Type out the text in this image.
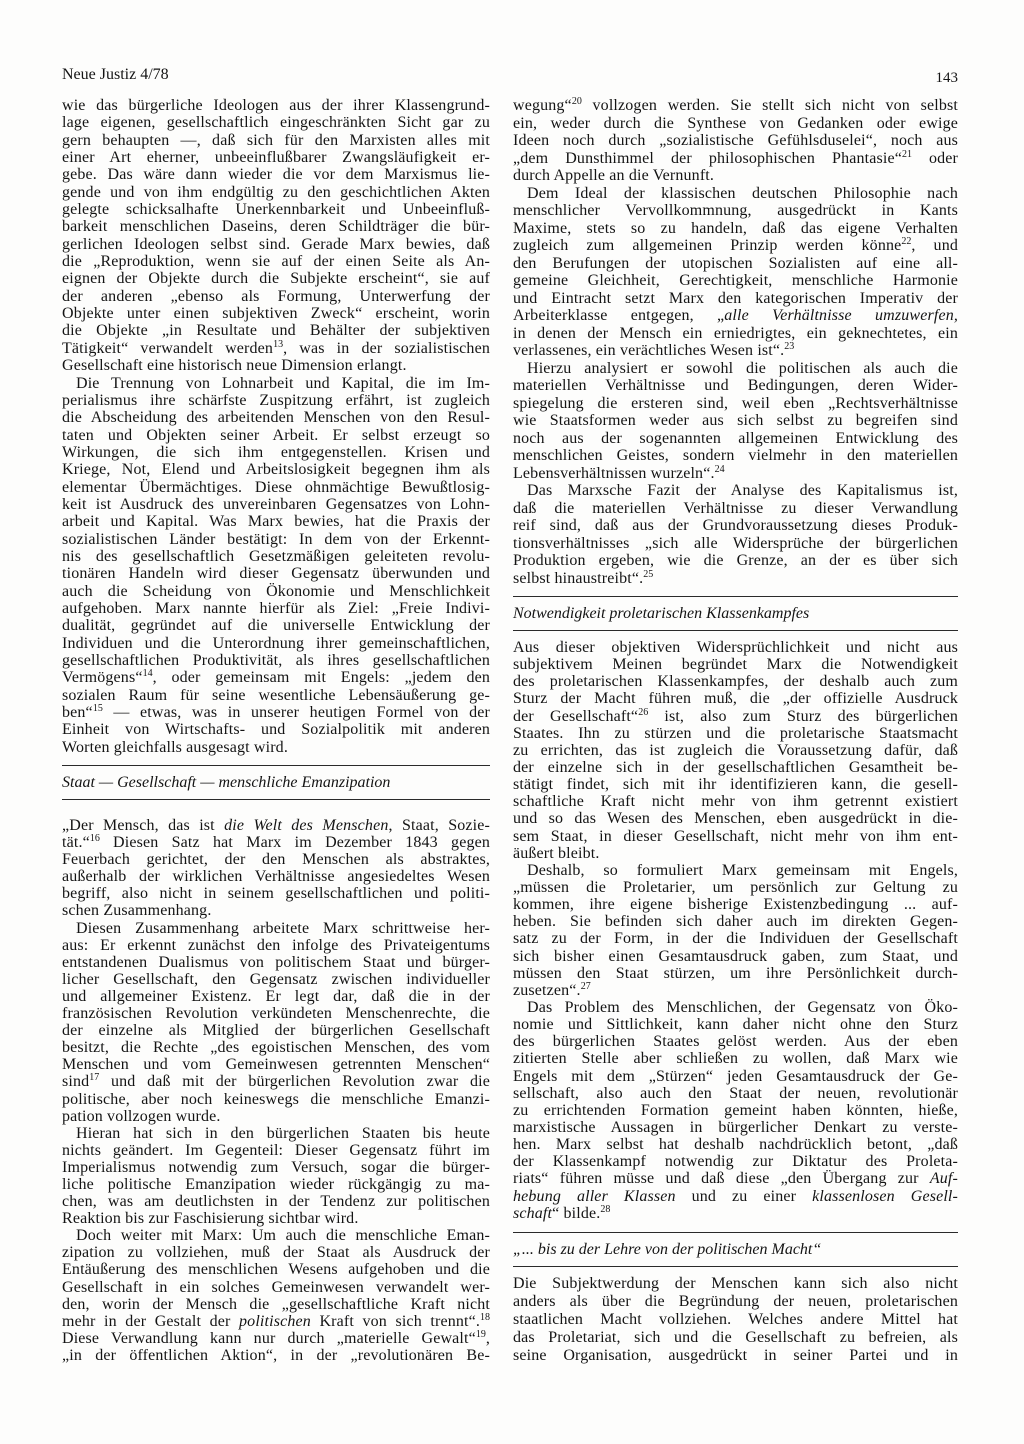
Neue Justiz 4/78	143
wie das bürgerliche Ideologen aus der ihrer Klassengrund-
lage eigenen, gesellschaftlich eingeschränkten Sicht gar zu
gern behaupten —, daß sich für den Marxisten alles mit
einer Art eherner, unbeeinflußbarer Zwangsläufigkeit er-
gebe. Das wäre dann wieder die vor dem Marxismus lie-
gende und von ihm endgültig zu den geschichtlichen Akten
gelegte schicksalhafte Unerkennbarkeit und Unbeeinfluß-
barkeit menschlichen Daseins, deren Schildträger die bür-
gerlichen Ideologen selbst sind. Gerade Marx bewies, daß
die „Reproduktion, wenn sie auf der einen Seite als An-
eignen der Objekte durch die Subjekte erscheint“, sie auf
der anderen „ebenso als Formung, Unterwerfung der
Objekte unter einen subjektiven Zweck“ erscheint, worin
die Objekte „in Resultate und Behälter der subjektiven
Tätigkeit“ verwandelt werden$^{13}$, was in der sozialistischen
Gesellschaft eine historisch neue Dimension erlangt.
Die Trennung von Lohnarbeit und Kapital, die im Im-
perialismus ihre schärfste Zuspitzung erfährt, ist zugleich
die Abscheidung des arbeitenden Menschen von den Resul-
taten und Objekten seiner Arbeit. Er selbst erzeugt so
Wirkungen, die sich ihm entgegenstellen. Krisen und
Kriege, Not, Elend und Arbeitslosigkeit begegnen ihm als
elementar Übermächtiges. Diese ohnmächtige Bewußtlosig-
keit ist Ausdruck des unvereinbaren Gegensatzes von Lohn-
arbeit und Kapital. Was Marx bewies, hat die Praxis der
sozialistischen Länder bestätigt: In dem von der Erkennt-
nis des gesellschaftlich Gesetzmäßigen geleiteten revolu-
tionären Handeln wird dieser Gegensatz überwunden und
auch die Scheidung von Ökonomie und Menschlichkeit
aufgehoben. Marx nannte hierfür als Ziel: „Freie Indivi-
dualität, gegründet auf die universelle Entwicklung der
Individuen und die Unterordnung ihrer gemeinschaftlichen,
gesellschaftlichen Produktivität, als ihres gesellschaftlichen
Vermögens“$^{14}$, oder gemeinsam mit Engels: „jedem den
sozialen Raum für seine wesentliche Lebensäußerung ge-
ben“$^{15}$ — etwas, was in unserer heutigen Formel von der
Einheit von Wirtschafts- und Sozialpolitik mit anderen
Worten gleichfalls ausgesagt wird.
Staat — Gesellschaft — menschliche Emanzipation
„Der Mensch, das ist die Welt des Menschen, Staat, Sozie-
tät.“$^{16}$ Diesen Satz hat Marx im Dezember 1843 gegen
Feuerbach gerichtet, der den Menschen als abstraktes,
außerhalb der wirklichen Verhältnisse angesiedeltes Wesen
begriff, also nicht in seinem gesellschaftlichen und politi-
schen Zusammenhang.
Diesen Zusammenhang arbeitete Marx schrittweise her-
aus: Er erkennt zunächst den infolge des Privateigentums
entstandenen Dualismus von politischem Staat und bürger-
licher Gesellschaft, den Gegensatz zwischen individueller
und allgemeiner Existenz. Er legt dar, daß die in der
französischen Revolution verkündeten Menschenrechte, die
der einzelne als Mitglied der bürgerlichen Gesellschaft
besitzt, die Rechte „des egoistischen Menschen, des vom
Menschen und vom Gemeinwesen getrennten Menschen“
sind$^{17}$ und daß mit der bürgerlichen Revolution zwar die
politische, aber noch keineswegs die menschliche Emanzi-
pation vollzogen wurde.
Hieran hat sich in den bürgerlichen Staaten bis heute
nichts geändert. Im Gegenteil: Dieser Gegensatz führt im
Imperialismus notwendig zum Versuch, sogar die bürger-
liche politische Emanzipation wieder rückgängig zu ma-
chen, was am deutlichsten in der Tendenz zur politischen
Reaktion bis zur Faschisierung sichtbar wird.
Doch weiter mit Marx: Um auch die menschliche Eman-
zipation zu vollziehen, muß der Staat als Ausdruck der
Entäußerung des menschlichen Wesens aufgehoben und die
Gesellschaft in ein solches Gemeinwesen verwandelt wer-
den, worin der Mensch die „gesellschaftliche Kraft nicht
mehr in der Gestalt der politischen Kraft von sich trennt“.$^{18}$
Diese Verwandlung kann nur durch „materielle Gewalt“$^{19}$,
„in der öffentlichen Aktion“, in der „revolutionären Be-
wegung“$^{20}$ vollzogen werden. Sie stellt sich nicht von selbst
ein, weder durch die Synthese von Gedanken oder ewige
Ideen noch durch „sozialistische Gefühlsduselei“, noch aus
„dem Dunsthimmel der philosophischen Phantasie“$^{21}$ oder
durch Appelle an die Vernunft.
Dem Ideal der klassischen deutschen Philosophie nach
menschlicher Vervollkommnung, ausgedrückt in Kants
Maxime, stets so zu handeln, daß das eigene Verhalten
zugleich zum allgemeinen Prinzip werden könne$^{22}$, und
den Berufungen der utopischen Sozialisten auf eine all-
gemeine Gleichheit, Gerechtigkeit, menschliche Harmonie
und Eintracht setzt Marx den kategorischen Imperativ der
Arbeiterklasse entgegen, „alle Verhältnisse umzuwerfen,
in denen der Mensch ein erniedrigtes, ein geknechtetes, ein
verlassenes, ein verächtliches Wesen ist“.$^{23}$
Hierzu analysiert er sowohl die politischen als auch die
materiellen Verhältnisse und Bedingungen, deren Wider-
spiegelung die ersteren sind, weil eben „Rechtsverhältnisse
wie Staatsformen weder aus sich selbst zu begreifen sind
noch aus der sogenannten allgemeinen Entwicklung des
menschlichen Geistes, sondern vielmehr in den materiellen
Lebensverhältnissen wurzeln“.$^{24}$
Das Marxsche Fazit der Analyse des Kapitalismus ist,
daß die materiellen Verhältnisse zu dieser Verwandlung
reif sind, daß aus der Grundvoraussetzung dieses Produk-
tionsverhältnisses „sich alle Widersprüche der bürgerlichen
Produktion ergeben, wie die Grenze, an der es über sich
selbst hinaustreibt“.$^{25}$
Notwendigkeit proletarischen Klassenkampfes
Aus dieser objektiven Widersprüchlichkeit und nicht aus
subjektivem Meinen begründet Marx die Notwendigkeit
des proletarischen Klassenkampfes, der deshalb auch zum
Sturz der Macht führen muß, die „der offizielle Ausdruck
der Gesellschaft“$^{26}$ ist, also zum Sturz des bürgerlichen
Staates. Ihn zu stürzen und die proletarische Staatsmacht
zu errichten, das ist zugleich die Voraussetzung dafür, daß
der einzelne sich in der gesellschaftlichen Gesamtheit be-
stätigt findet, sich mit ihr identifizieren kann, die gesell-
schaftliche Kraft nicht mehr von ihm getrennt existiert
und so das Wesen des Menschen, eben ausgedrückt in die-
sem Staat, in dieser Gesellschaft, nicht mehr von ihm ent-
äußert bleibt.
Deshalb, so formuliert Marx gemeinsam mit Engels,
„müssen die Proletarier, um persönlich zur Geltung zu
kommen, ihre eigene bisherige Existenzbedingung ... auf-
heben. Sie befinden sich daher auch im direkten Gegen-
satz zu der Form, in der die Individuen der Gesellschaft
sich bisher einen Gesamtausdruck gaben, zum Staat, und
müssen den Staat stürzen, um ihre Persönlichkeit durch-
zusetzen“.$^{27}$
Das Problem des Menschlichen, der Gegensatz von Öko-
nomie und Sittlichkeit, kann daher nicht ohne den Sturz
des bürgerlichen Staates gelöst werden. Aus der eben
zitierten Stelle aber schließen zu wollen, daß Marx wie
Engels mit dem „Stürzen“ jeden Gesamtausdruck der Ge-
sellschaft, also auch den Staat der neuen, revolutionär
zu errichtenden Formation gemeint haben könnten, hieße,
marxistische Aussagen in bürgerlicher Denkart zu verste-
hen. Marx selbst hat deshalb nachdrücklich betont, „daß
der Klassenkampf notwendig zur Diktatur des Proleta-
riats“ führen müsse und daß diese „den Übergang zur Auf-
hebung aller Klassen und zu einer klassenlosen Gesell-
schaft“ bilde.$^{28}$
„... bis zu der Lehre von der politischen Macht“
Die Subjektwerdung der Menschen kann sich also nicht
anders als über die Begründung der neuen, proletarischen
staatlichen Macht vollziehen. Welches andere Mittel hat
das Proletariat, sich und die Gesellschaft zu befreien, als
seine Organisation, ausgedrückt in seiner Partei und in
